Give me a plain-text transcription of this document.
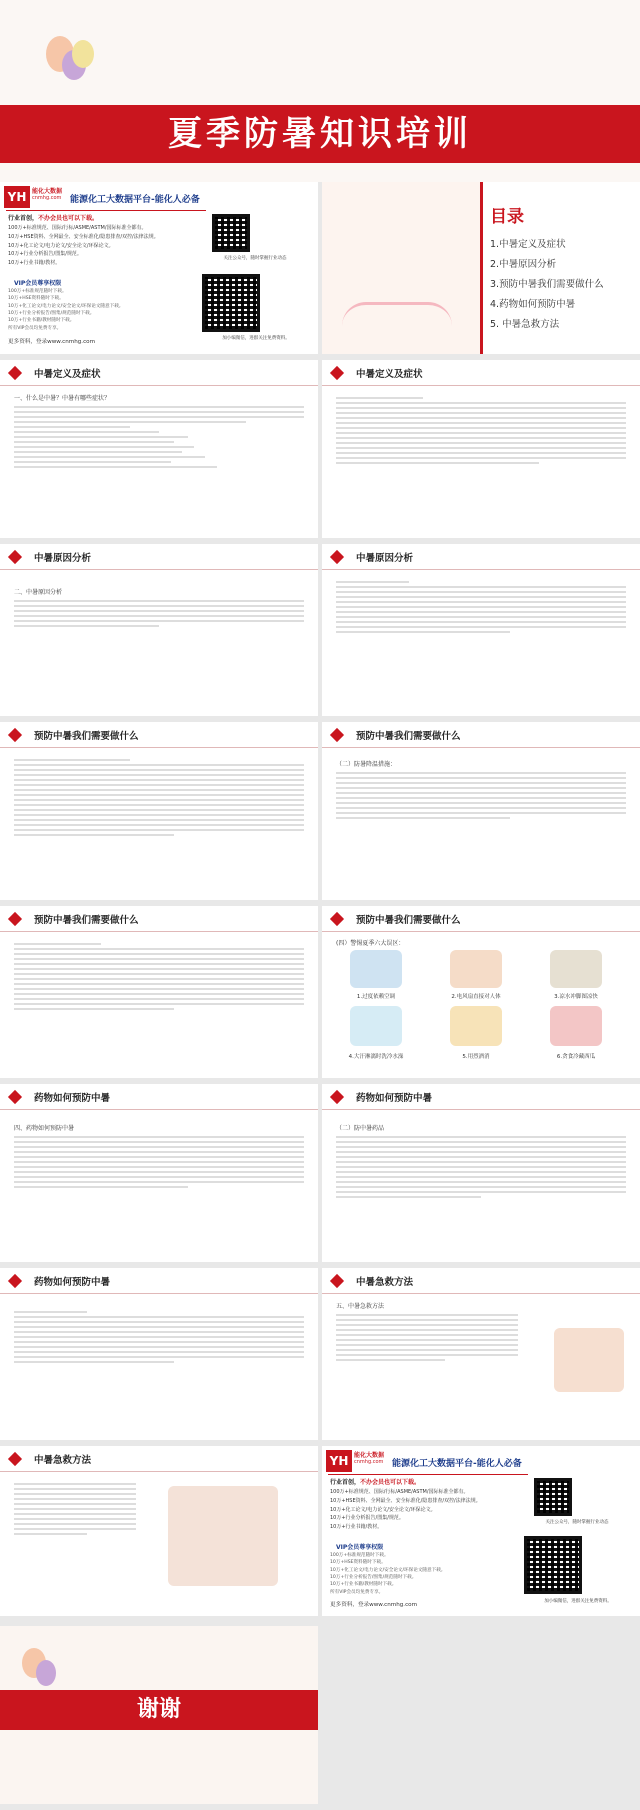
夏季防暑知识培训
YH 能化大数据
cnmhg.com 能源化工大数据平台-能化人必备
行业首创，不办会员也可以下载。
100万+标准规范、国际/行标/ASME/ASTM/国际标准全都有。
10万+HSE资料、全网最全、安全标准化/隐患排查/双控/法律法规。
10万+化工论文/电力论文/安全论文/环保论文。
10万+行业分析报告/图集/规范。
10万+行业书籍/教材。
VIP会员尊享权限
100万+标准规范随时下载。
10万+HSE资料随时下载。
10万+化工论文/电力论文/安全论文/环保论文随意下载。
10万+行业分析报告/图集/规范随时下载。
10万+行业书籍/教材随时下载。
所有VIP会员均免费专享。
更多资料，登录www.cnmhg.com
关注公众号，随时掌握行业动态
加小编微信，进群关注免费资料。
目录
1.中暑定义及症状
2.中暑原因分析
3.预防中暑我们需要做什么
4.药物如何预防中暑
5. 中暑急救方法
中暑定义及症状

一、什么是中暑？中暑有哪些症状？

中暑定义及症状
中暑原因分析

二、中暑原因分析

中暑原因分析
预防中暑我们需要做什么	预防中暑我们需要做什么

（二）防暑降温措施：

预防中暑我们需要做什么	预防中暑我们需要做什么

(四）警惕夏季六大误区：

1.过度依赖空调	2.电风扇直接对人体	3.凉水冲脚图凉快
4.大汗淋漓时洗冷水澡	5.用烈酒消	6.贪食冷藏西瓜
药物如何预防中暑

四、药物如何预防中暑

药物如何预防中暑

（二）防中暑药品

药物如何预防中暑	中暑急救方法

五、中暑急救方法

中暑急救方法	YH 能化大数据
cnmhg.com 能源化工大数据平台-能化人必备
行业首创，不办会员也可以下载。
100万+标准规范、国际/行标/ASME/ASTM/国际标准全都有。
10万+HSE资料、全网最全、安全标准化/隐患排查/双控/法律法规。
10万+化工论文/电力论文/安全论文/环保论文。
10万+行业分析报告/图集/规范。
10万+行业书籍/教材。
VIP会员尊享权限
100万+标准规范随时下载。
10万+HSE资料随时下载。
10万+化工论文/电力论文/安全论文/环保论文随意下载。
10万+行业分析报告/图集/规范随时下载。
10万+行业书籍/教材随时下载。
所有VIP会员均免费专享。
更多资料，登录www.cnmhg.com
关注公众号，随时掌握行业动态
加小编微信，进群关注免费资料。
谢谢
